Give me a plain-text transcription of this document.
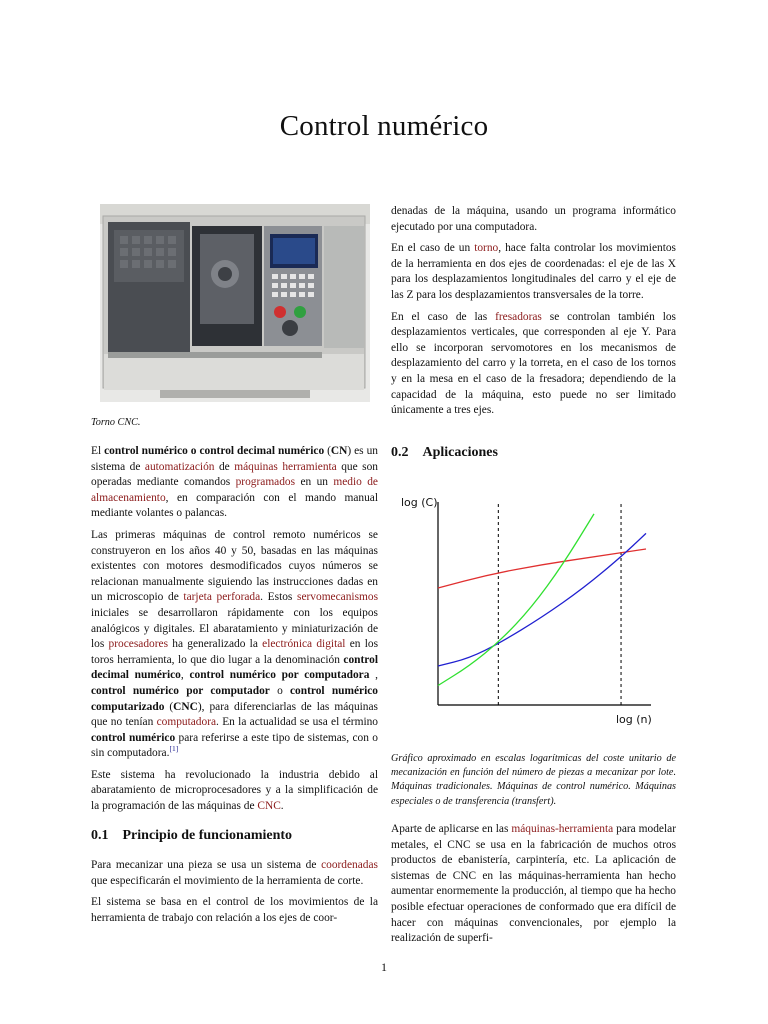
Control numérico
Torno CNC.

El control numérico o control decimal numérico (CN) es un sistema de automatización de máquinas herramienta que son operadas mediante comandos programados en un medio de almacenamiento, en comparación con el mando manual mediante volantes o palancas.

Las primeras máquinas de control remoto numéricos se construyeron en los años 40 y 50, basadas en las máquinas existentes con motores desmodificados cuyos números se relacionan manualmente siguiendo las instrucciones dadas en un microscopio de tarjeta perforada. Estos servomecanismos iniciales se desarrollaron rápidamente con los equipos analógicos y digitales. El abaratamiento y miniaturización de los procesadores ha generalizado la electrónica digital en los toros herramienta, lo que dio lugar a la denominación control decimal numérico, control numérico por computadora , control numérico por computador o control numérico computarizado (CNC), para diferenciarlas de las máquinas que no tenían computadora. En la actualidad se usa el término control numérico para referirse a este tipo de sistemas, con o sin computadora.[1]

Este sistema ha revolucionado la industria debido al abaratamiento de microprocesadores y a la simplificación de la programación de las máquinas de CNC.

0.1 Principio de funcionamiento

Para mecanizar una pieza se usa un sistema de coordenadas que especificarán el movimiento de la herramienta de corte.

El sistema se basa en el control de los movimientos de la herramienta de trabajo con relación a los ejes de coor-

denadas de la máquina, usando un programa informático ejecutado por una computadora.

En el caso de un torno, hace falta controlar los movimientos de la herramienta en dos ejes de coordenadas: el eje de las X para los desplazamientos longitudinales del carro y el eje de las Z para los desplazamientos transversales de la torre.

En el caso de las fresadoras se controlan también los desplazamientos verticales, que corresponden al eje Y. Para ello se incorporan servomotores en los mecanismos de desplazamiento del carro y la torreta, en el caso de los tornos y en la mesa en el caso de la fresadora; dependiendo de la capacidad de la máquina, esto puede no ser limitado únicamente a tres ejes.

0.2 Aplicaciones
log (C)
log (n)
Gráfico aproximado en escalas logarítmicas del coste unitario de mecanización en función del número de piezas a mecanizar por lote. Máquinas tradicionales. Máquinas de control numérico. Máquinas especiales o de transferencia (transfert).

Aparte de aplicarse en las máquinas-herramienta para modelar metales, el CNC se usa en la fabricación de muchos otros productos de ebanistería, carpintería, etc. La aplicación de sistemas de CNC en las máquinas-herramienta han hecho aumentar enormemente la producción, al tiempo que ha hecho posible efectuar operaciones de conformado que era difícil de hacer con máquinas convencionales, por ejemplo la realización de superfi-

1
